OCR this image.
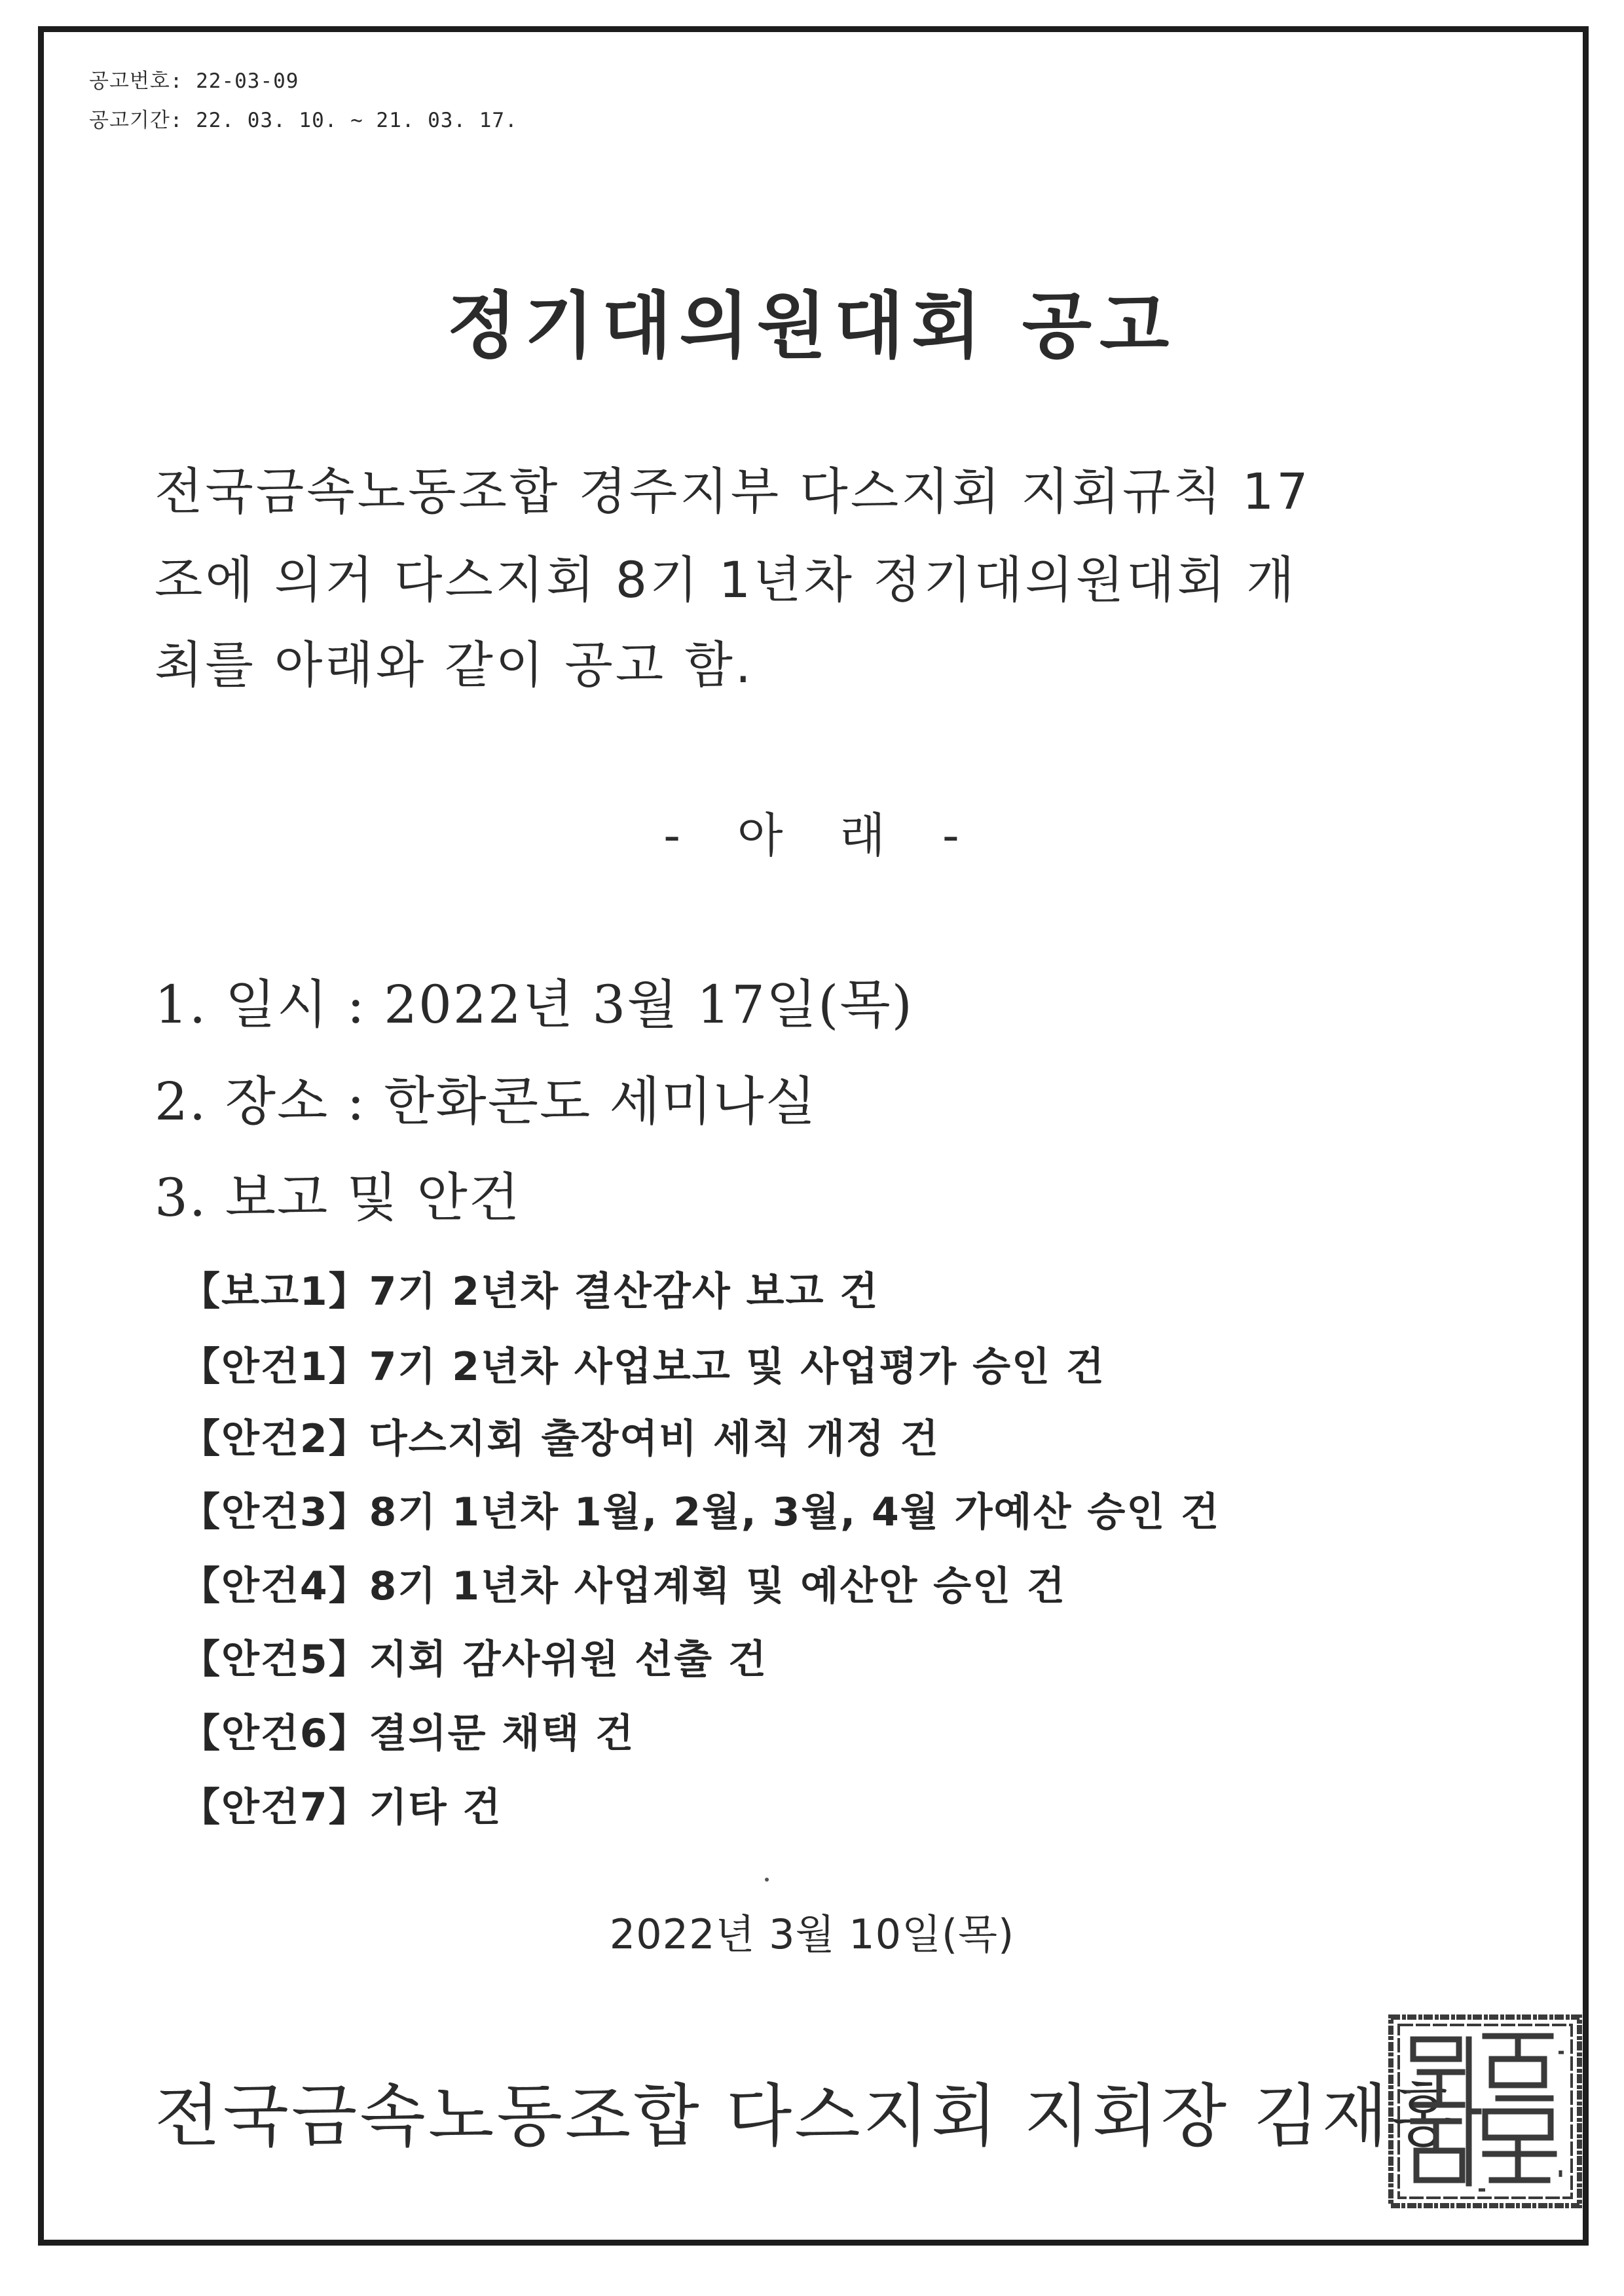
공고번호: 22-03-09
공고기간: 22. 03. 10. ~ 21. 03. 17.
정기대의원대회 공고
전국금속노동조합 경주지부 다스지회 지회규칙 17
조에 의거 다스지회 8기 1년차 정기대의원대회 개
최를 아래와 같이 공고 함.
- 아 래 -
1. 일시 : 2022년 3월 17일(목)
2. 장소 : 한화콘도 세미나실
3. 보고 및 안건
【보고1】7기 2년차 결산감사 보고 건
【안건1】7기 2년차 사업보고 및 사업평가 승인 건
【안건2】다스지회 출장여비 세칙 개정 건
【안건3】8기 1년차 1월, 2월, 3월, 4월 가예산 승인 건
【안건4】8기 1년차 사업계획 및 예산안 승인 건
【안건5】지회 감사위원 선출 건
【안건6】결의문 채택 건
【안건7】기타 건
2022년 3월 10일(목)
전국금속노동조합 다스지회 지회장 김재홍
